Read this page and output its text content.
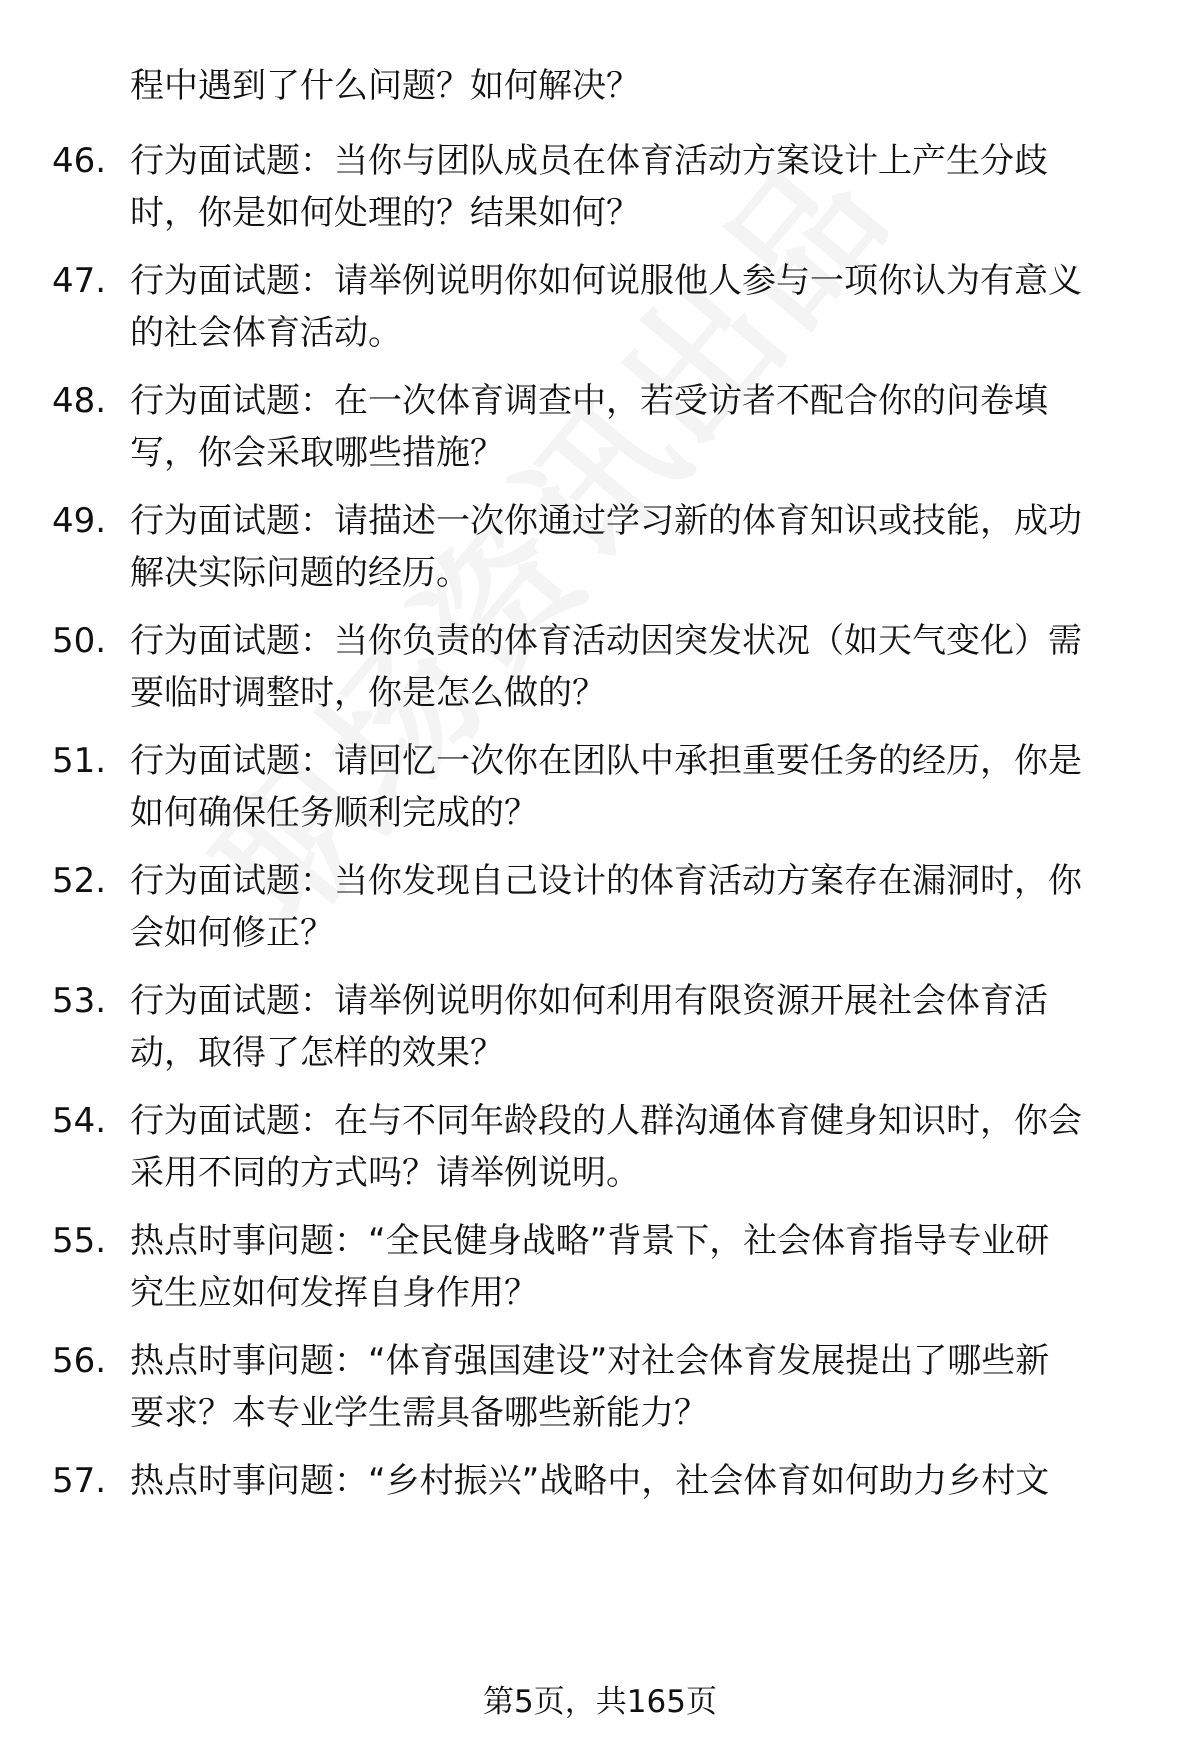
程中遇到了什么问题？如何解决？
46. 行为面试题：当你与团队成员在体育活动方案设计上产生分歧
时，你是如何处理的？结果如何？
47. 行为面试题：请举例说明你如何说服他人参与一项你认为有意义
的社会体育活动。
48. 行为面试题：在一次体育调查中，若受访者不配合你的问卷填
写，你会采取哪些措施？
49. 行为面试题：请描述一次你通过学习新的体育知识或技能，成功
解决实际问题的经历。
50. 行为面试题：当你负责的体育活动因突发状况（如天气变化）需
要临时调整时，你是怎么做的？
51. 行为面试题：请回忆一次你在团队中承担重要任务的经历，你是
如何确保任务顺利完成的？
52. 行为面试题：当你发现自己设计的体育活动方案存在漏洞时，你
会如何修正？
53. 行为面试题：请举例说明你如何利用有限资源开展社会体育活
动，取得了怎样的效果？
54. 行为面试题：在与不同年龄段的人群沟通体育健身知识时，你会
采用不同的方式吗？请举例说明。
55. 热点时事问题：“全民健身战略”背景下，社会体育指导专业研
究生应如何发挥自身作用？
56. 热点时事问题：“体育强国建设”对社会体育发展提出了哪些新
要求？本专业学生需具备哪些新能力？
57. 热点时事问题：“乡村振兴”战略中，社会体育如何助力乡村文
第5页，共165页
